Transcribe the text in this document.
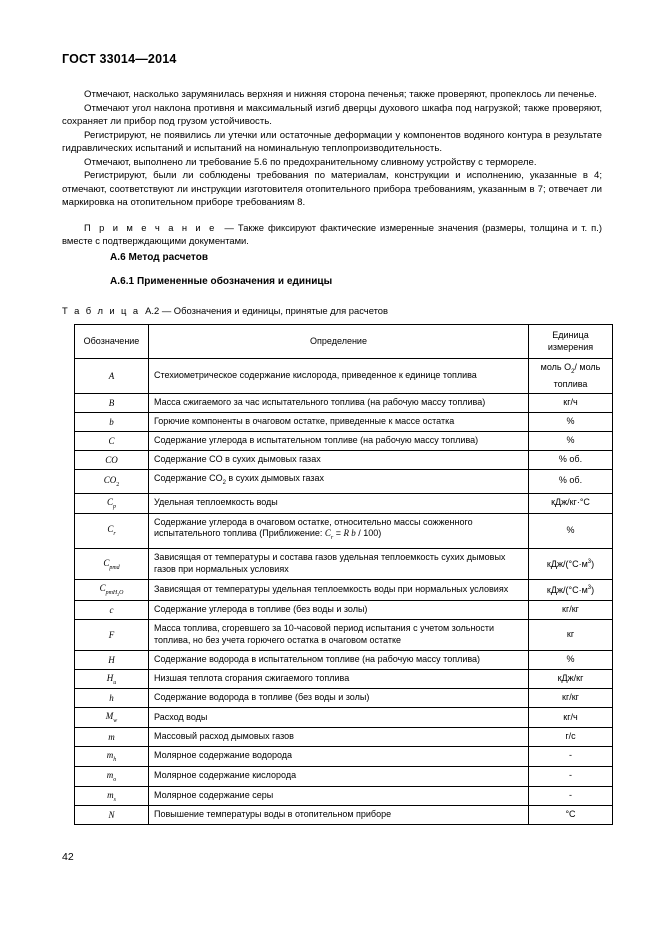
ГОСТ 33014—2014

Отмечают, насколько зарумянилась верхняя и нижняя сторона печенья; также проверяют, пропеклось ли печенье.

Отмечают угол наклона противня и максимальный изгиб дверцы духового шкафа под нагрузкой; также проверяют, сохраняет ли прибор под грузом устойчивость.

Регистрируют, не появились ли утечки или остаточные деформации у компонентов водяного контура в результате гидравлических испытаний и испытаний на номинальную теплопроизводительность.

Отмечают, выполнено ли требование 5.6 по предохранительному сливному устройству с термореле.

Регистрируют, были ли соблюдены требования по материалам, конструкции и исполнению, указанные в 4; отмечают, соответствуют ли инструкции изготовителя отопительного прибора требованиям, указанным в 7; отвечает ли маркировка на отопительном приборе требованиям 8.

П р и м е ч а н и е — Также фиксируют фактические измеренные значения (размеры, толщина и т. п.) вместе с подтверждающими документами.

А.6 Метод расчетов
А.6.1 Примененные обозначения и единицы
Т а б л и ц а А.2 — Обозначения и единицы, принятые для расчетов
Обозначение	Определение	Единица измерения
A	Стехиометрическое содержание кислорода, приведенное к единице топлива	моль $O_2/$ моль топлива
B	Масса сжигаемого за час испытательного топлива (на рабочую массу топлива)	кг/ч
b	Горючие компоненты в очаговом остатке, приведенные к массе остатка	%
C	Содержание углерода в испытательном топливе (на рабочую массу топлива)	%
CO	Содержание CO в сухих дымовых газах	% об.
$CO_2$	Содержание $CO_2$ в сухих дымовых газах	% об.
$C_p$	Удельная теплоемкость воды	кДж/кг·°С
$C_r$	Содержание углерода в очаговом остатке, относительно массы сожженного испытательного топлива (Приближение: $C_r = R$ b / 100)	%
$C_{pmd}$	Зависящая от температуры и состава газов удельная теплоемкость сухих дымовых газов при нормальных условиях	кДж/$(^\circ С\cdot м^3)$
$C_{pmH_2O}$	Зависящая от температуры удельная теплоемкость воды при нормальных условиях	кДж/$(^\circ С\cdot м^3)$
c	Содержание углерода в топливе (без воды и золы)	кг/кг
F	Масса топлива, сгоревшего за 10-часовой период испытания с учетом зольности топлива, но без учета горючего остатка в очаговом остатке	кг
H	Содержание водорода в испытательном топливе (на рабочую массу топлива)	%
$H_u$	Низшая теплота сгорания сжигаемого топлива	кДж/кг
h	Содержание водорода в топливе (без воды и золы)	кг/кг
$M_w$	Расход воды	кг/ч
m	Массовый расход дымовых газов	г/с
$m_h$	Молярное содержание водорода	-
$m_o$	Молярное содержание кислорода	-
$m_s$	Молярное содержание серы	-
N	Повышение температуры воды в отопительном приборе	°С
42
